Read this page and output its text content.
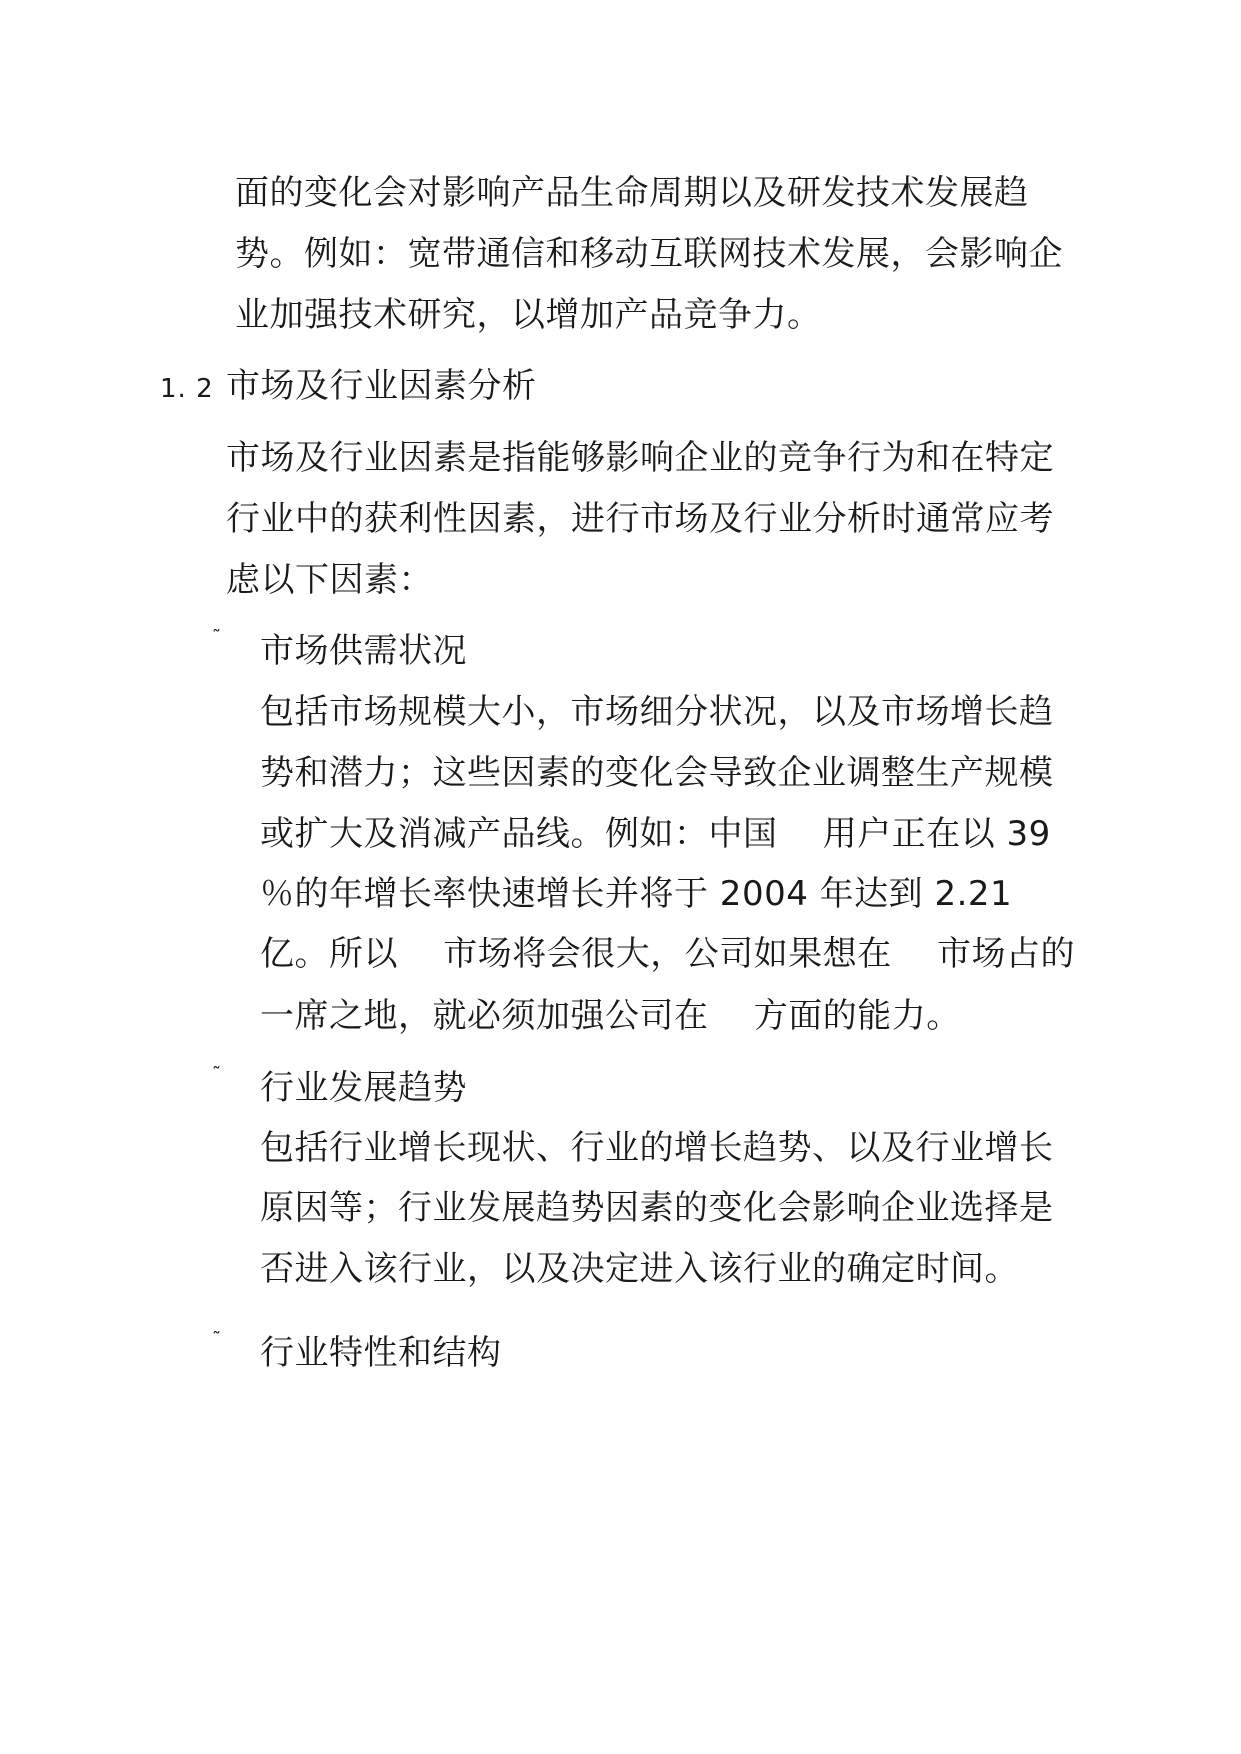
面的变化会对影响产品生命周期以及研发技术发展趋
势。例如：宽带通信和移动互联网技术发展，会影响企
业加强技术研究，以增加产品竞争力。
1. 2 市场及行业因素分析
市场及行业因素是指能够影响企业的竞争行为和在特定
行业中的获利性因素，进行市场及行业分析时通常应考
虑以下因素：
˜ 市场供需状况
包括市场规模大小，市场细分状况，以及市场增长趋
势和潜力；这些因素的变化会导致企业调整生产规模
或扩大及消减产品线。例如：中国    用户正在以 39
％的年增长率快速增长并将于 2004 年达到 2.21
亿。所以    市场将会很大，公司如果想在    市场占的
一席之地，就必须加强公司在    方面的能力。
˜ 行业发展趋势
包括行业增长现状、行业的增长趋势、以及行业增长
原因等；行业发展趋势因素的变化会影响企业选择是
否进入该行业，以及决定进入该行业的确定时间。
˜ 行业特性和结构
